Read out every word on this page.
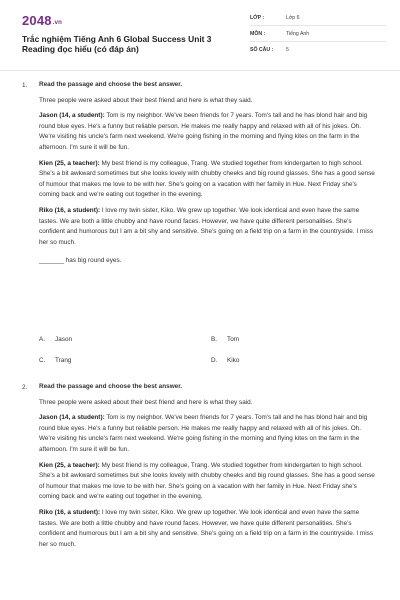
2048.vn
Trắc nghiệm Tiếng Anh 6 Global Success Unit 3 Reading đọc hiểu (có đáp án)
LỚP :	Lớp 6
MÔN :	Tiếng Anh
SỐ CÂU :	5
1. Read the passage and choose the best answer.

Three people were asked about their best friend and here is what they said.

Jason (14, a student): Tom is my neighbor. We've been friends for 7 years. Tom's tall and he has blond hair and big round blue eyes. He's a funny but reliable person. He makes me really happy and relaxed with all of his jokes. Oh. We're visiting his uncle's farm next weekend. We're going fishing in the morning and flying kites on the farm in the afternoon. I'm sure it will be fun.

Kien (25, a teacher): My best friend is my colleague, Trang. We studied together from kindergarten to high school. She's a bit awkward sometimes but she looks lovely with chubby cheeks and big round glasses. She has a good sense of humour that makes me love to be with her. She's going on a vacation with her family in Hue. Next Friday she's coming back and we're eating out together in the evening.

Riko (16, a student): I love my twin sister, Kiko. We grew up together. We look identical and even have the same tastes. We are both a little chubby and have round faces. However, we have quite different personalities. She's confident and humorous but I am a bit shy and sensitive. She's going on a field trip on a farm in the countryside. I miss her so much.

_______ has big round eyes.

A. Jason	B. Tom
C. Trang	D. Kiko
2. Read the passage and choose the best answer.

Three people were asked about their best friend and here is what they said.

Jason (14, a student): Tom is my neighbor. We've been friends for 7 years. Tom's tall and he has blond hair and big round blue eyes. He's a funny but reliable person. He makes me really happy and relaxed with all of his jokes. Oh. We're visiting his uncle's farm next weekend. We're going fishing in the morning and flying kites on the farm in the afternoon. I'm sure it will be fun.

Kien (25, a teacher): My best friend is my colleague, Trang. We studied together from kindergarten to high school. She's a bit awkward sometimes but she looks lovely with chubby cheeks and big round glasses. She has a good sense of humour that makes me love to be with her. She's going on a vacation with her family in Hue. Next Friday she's coming back and we're eating out together in the evening.

Riko (16, a student): I love my twin sister, Kiko. We grew up together. We look identical and even have the same tastes. We are both a little chubby and have round faces. However, we have quite different personalities. She's confident and humorous but I am a bit shy and sensitive. She's going on a field trip on a farm in the countryside. I miss her so much.
